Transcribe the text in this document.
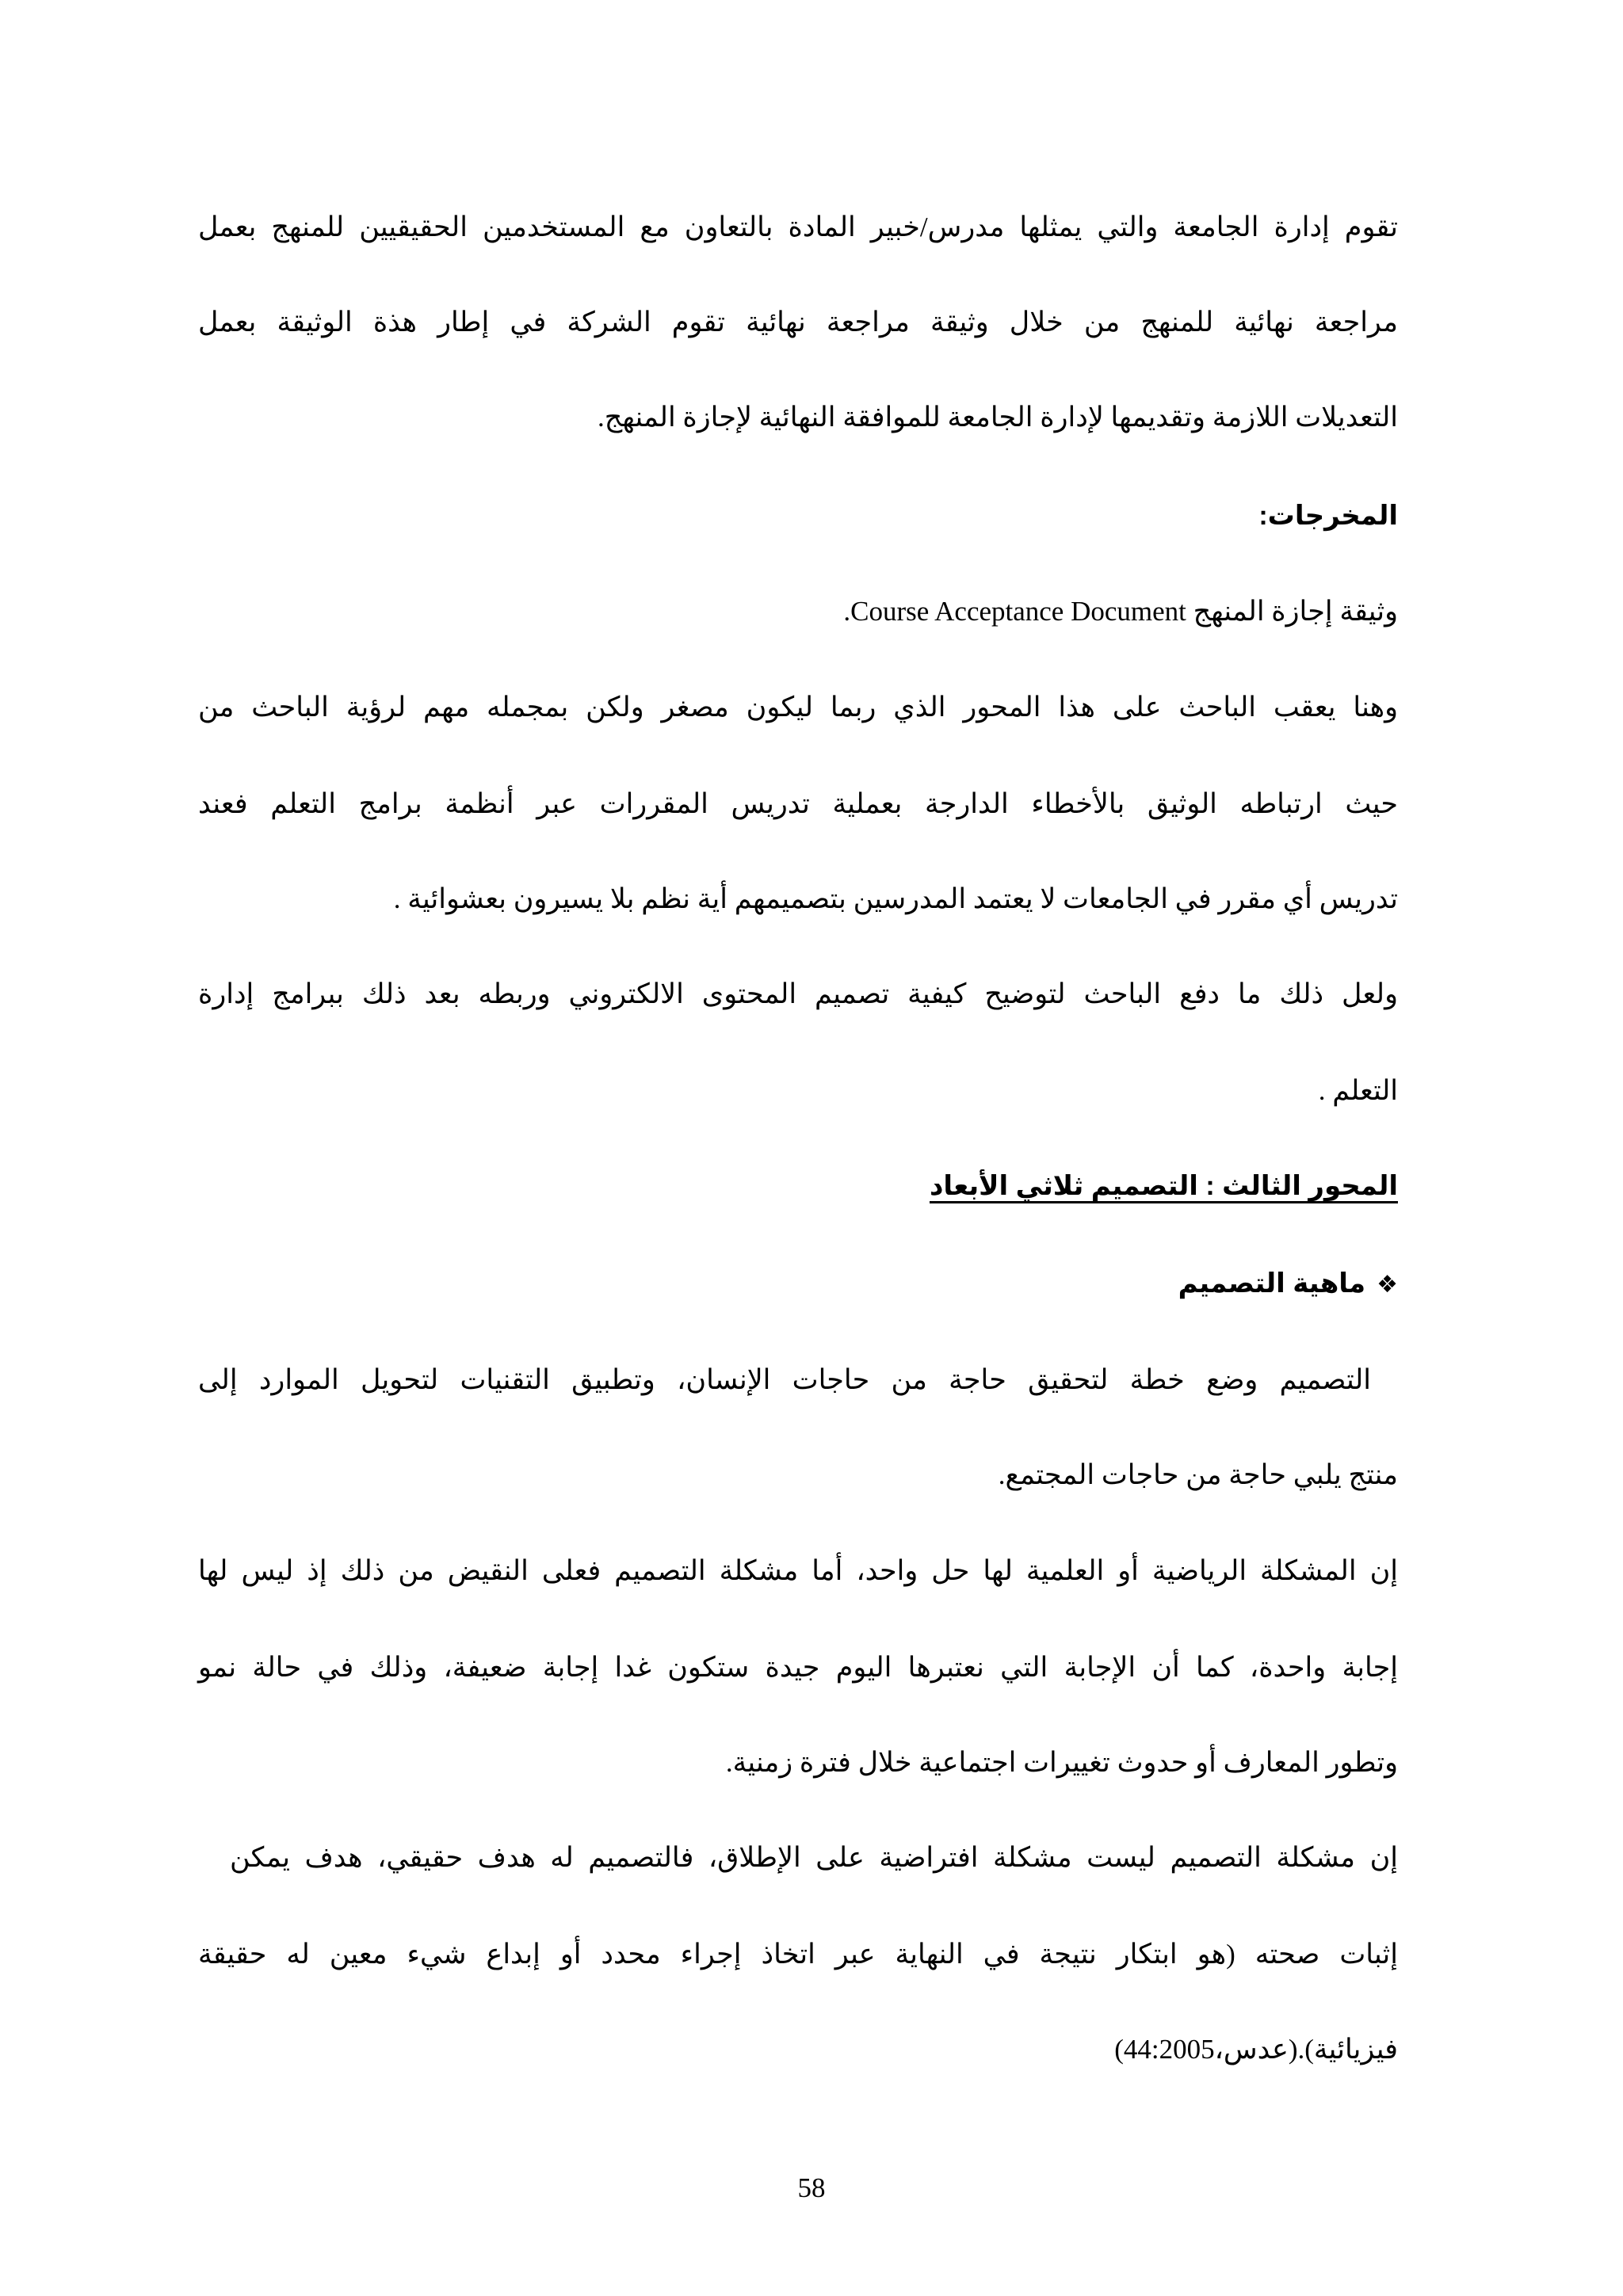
تقوم إدارة الجامعة والتي يمثلها مدرس/خبير المادة بالتعاون مع المستخدمين الحقيقيين للمنهج بعمل
مراجعة نهائية للمنهج من خلال وثيقة مراجعة نهائية تقوم الشركة في إطار هذة الوثيقة بعمل
التعديلات اللازمة وتقديمها لإدارة الجامعة للموافقة النهائية لإجازة المنهج.
المخرجات:
وثيقة إجازة المنهج Course Acceptance Document.
وهنا يعقب الباحث على هذا المحور الذي ربما ليكون مصغر ولكن بمجمله مهم لرؤية الباحث من
حيث ارتباطه الوثيق بالأخطاء الدارجة بعملية تدريس المقررات عبر أنظمة برامج التعلم فعند
تدريس أي مقرر في الجامعات لا يعتمد المدرسين بتصميمهم أية نظم بلا يسيرون بعشوائية .
ولعل ذلك ما دفع الباحث لتوضيح كيفية تصميم المحتوى الالكتروني وربطه بعد ذلك ببرامج إدارة
التعلم .
المحور الثالث : التصميم ثلاثي الأبعاد
❖ماهية التصميم
التصميم وضع خطة لتحقيق حاجة من حاجات الإنسان، وتطبيق التقنيات لتحويل الموارد إلى
منتج يلبي حاجة من حاجات المجتمع.
إن المشكلة الرياضية أو العلمية لها حل واحد، أما مشكلة التصميم فعلى النقيض من ذلك إذ ليس لها
إجابة واحدة، كما أن الإجابة التي نعتبرها اليوم جيدة ستكون غدا إجابة ضعيفة، وذلك في حالة نمو
وتطور المعارف أو حدوث تغييرات اجتماعية خلال فترة زمنية.
إن مشكلة التصميم ليست مشكلة افتراضية على الإطلاق، فالتصميم له هدف حقيقي، هدف يمكن
إثبات صحته (هو ابتكار نتيجة في النهاية عبر اتخاذ إجراء محدد أو إبداع شيء معين له حقيقة
فيزيائية).(عدس،44:2005)
58
